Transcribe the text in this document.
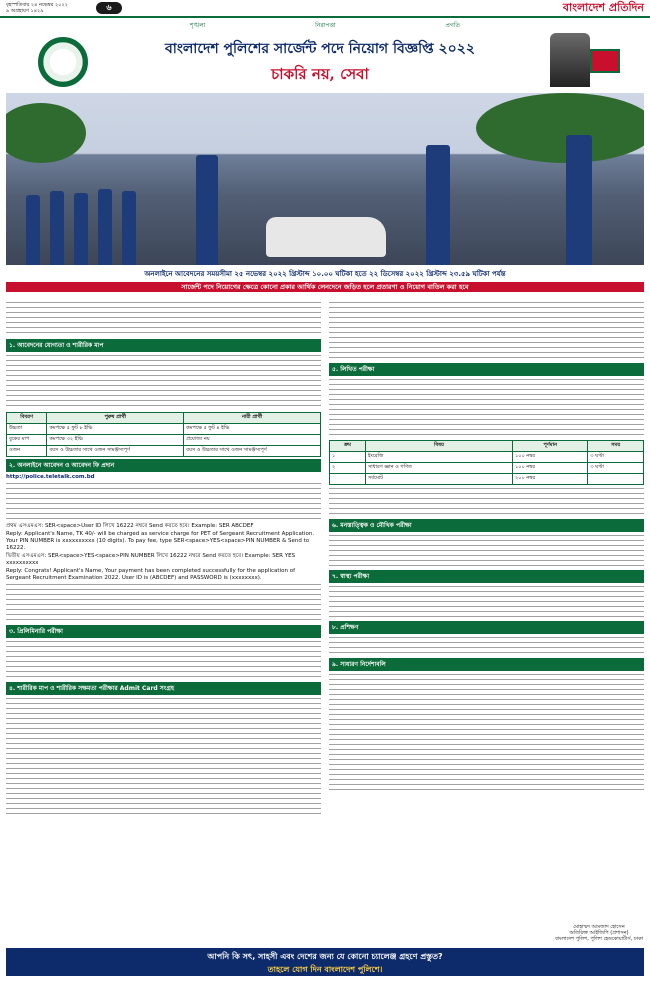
বৃহস্পতিবার ২৪ নভেম্বর ২০২২
৯ অগ্রহায়ণ ১৪২৯	বাংলাদেশ প্রতিদিন
৬
শৃঙ্খলা	নিরাপত্তা	প্রগতি
বাংলাদেশ পুলিশের সার্জেন্ট পদে নিয়োগ বিজ্ঞপ্তি ২০২২
চাকরি নয়, সেবা
অনলাইনে আবেদনের সময়সীমা ২৫ নভেম্বর ২০২২ খ্রিস্টাব্দ ১০.০০ ঘটিকা হতে ২২ ডিসেম্বর ২০২২ খ্রিস্টাব্দ ২৩.৫৯ ঘটিকা পর্যন্ত
সার্জেন্ট পদে নিয়োগের ক্ষেত্রে কোনো প্রকার আর্থিক লেনদেনে জড়িত হলে প্রতারণা ও নিয়োগ বাতিল করা হবে
১. আবেদনের যোগ্যতা ও শারীরিক মাপ
বিবরণ	পুরুষ প্রার্থী	নারী প্রার্থী
উচ্চতা	কমপক্ষে ৫ ফুট ৮ ইঞ্চি	কমপক্ষে ৫ ফুট ৪ ইঞ্চি
বুকের মাপ	কমপক্ষে ৩২ ইঞ্চি	প্রযোজ্য নয়
ওজন	বয়স ও উচ্চতার সাথে ওজন সামঞ্জস্যপূর্ণ	বয়স ও উচ্চতার সাথে ওজন সামঞ্জস্যপূর্ণ
২. অনলাইনে আবেদন ও আবেদন ফি প্রদান
http://police.teletalk.com.bd
প্রথম এসএমএস: SER<space>User ID লিখে 16222 নম্বরে Send করতে হবে। Example: SER ABCDEF
Reply: Applicant's Name, TK 40/- will be charged as service charge for PET of Sergeant Recruitment Application. Your PIN NUMBER is xxxxxxxxxx (10 digits). To pay fee, type SER<space>YES<space>PIN NUMBER & Send to 16222.
দ্বিতীয় এসএমএস: SER<space>YES<space>PIN NUMBER লিখে 16222 নম্বরে Send করতে হবে। Example: SER YES xxxxxxxxxx
Reply: Congrats! Applicant's Name, Your payment has been completed successfully for the application of Sergeant Recruitment Examination 2022. User ID is (ABCDEF) and PASSWORD is (xxxxxxxx).
৩. প্রিলিমিনারি পরীক্ষা
৪. শারীরিক মাপ ও শারীরিক সক্ষমতা পরীক্ষার Admit Card সংগ্রহ
৫. লিখিত পরীক্ষা
ক্রম	বিষয়	পূর্ণমান	সময়
১	ইংরেজি	১০০ নম্বর	৩ ঘণ্টা
২	সাধারণ জ্ঞান ও গণিত	১০০ নম্বর	৩ ঘণ্টা
	সর্বমোট	২০০ নম্বর	
৬. মনস্তাত্ত্বিক ও মৌখিক পরীক্ষা
৭. স্বাস্থ্য পরীক্ষা
৮. প্রশিক্ষণ
৯. সাধারণ নির্দেশাবলি
মোহাম্মদ আমজাদ হোসেন
অতিরিক্ত আইজিপি (প্রশাসন)
বাংলাদেশ পুলিশ, পুলিশ হেডকোয়ার্টার্স, ঢাকা
আপনি কি সৎ, সাহসী এবং দেশের জন্য যে কোনো চ্যালেঞ্জ গ্রহণে প্রস্তুত?
তাহলে যোগ দিন বাংলাদেশ পুলিশে।
